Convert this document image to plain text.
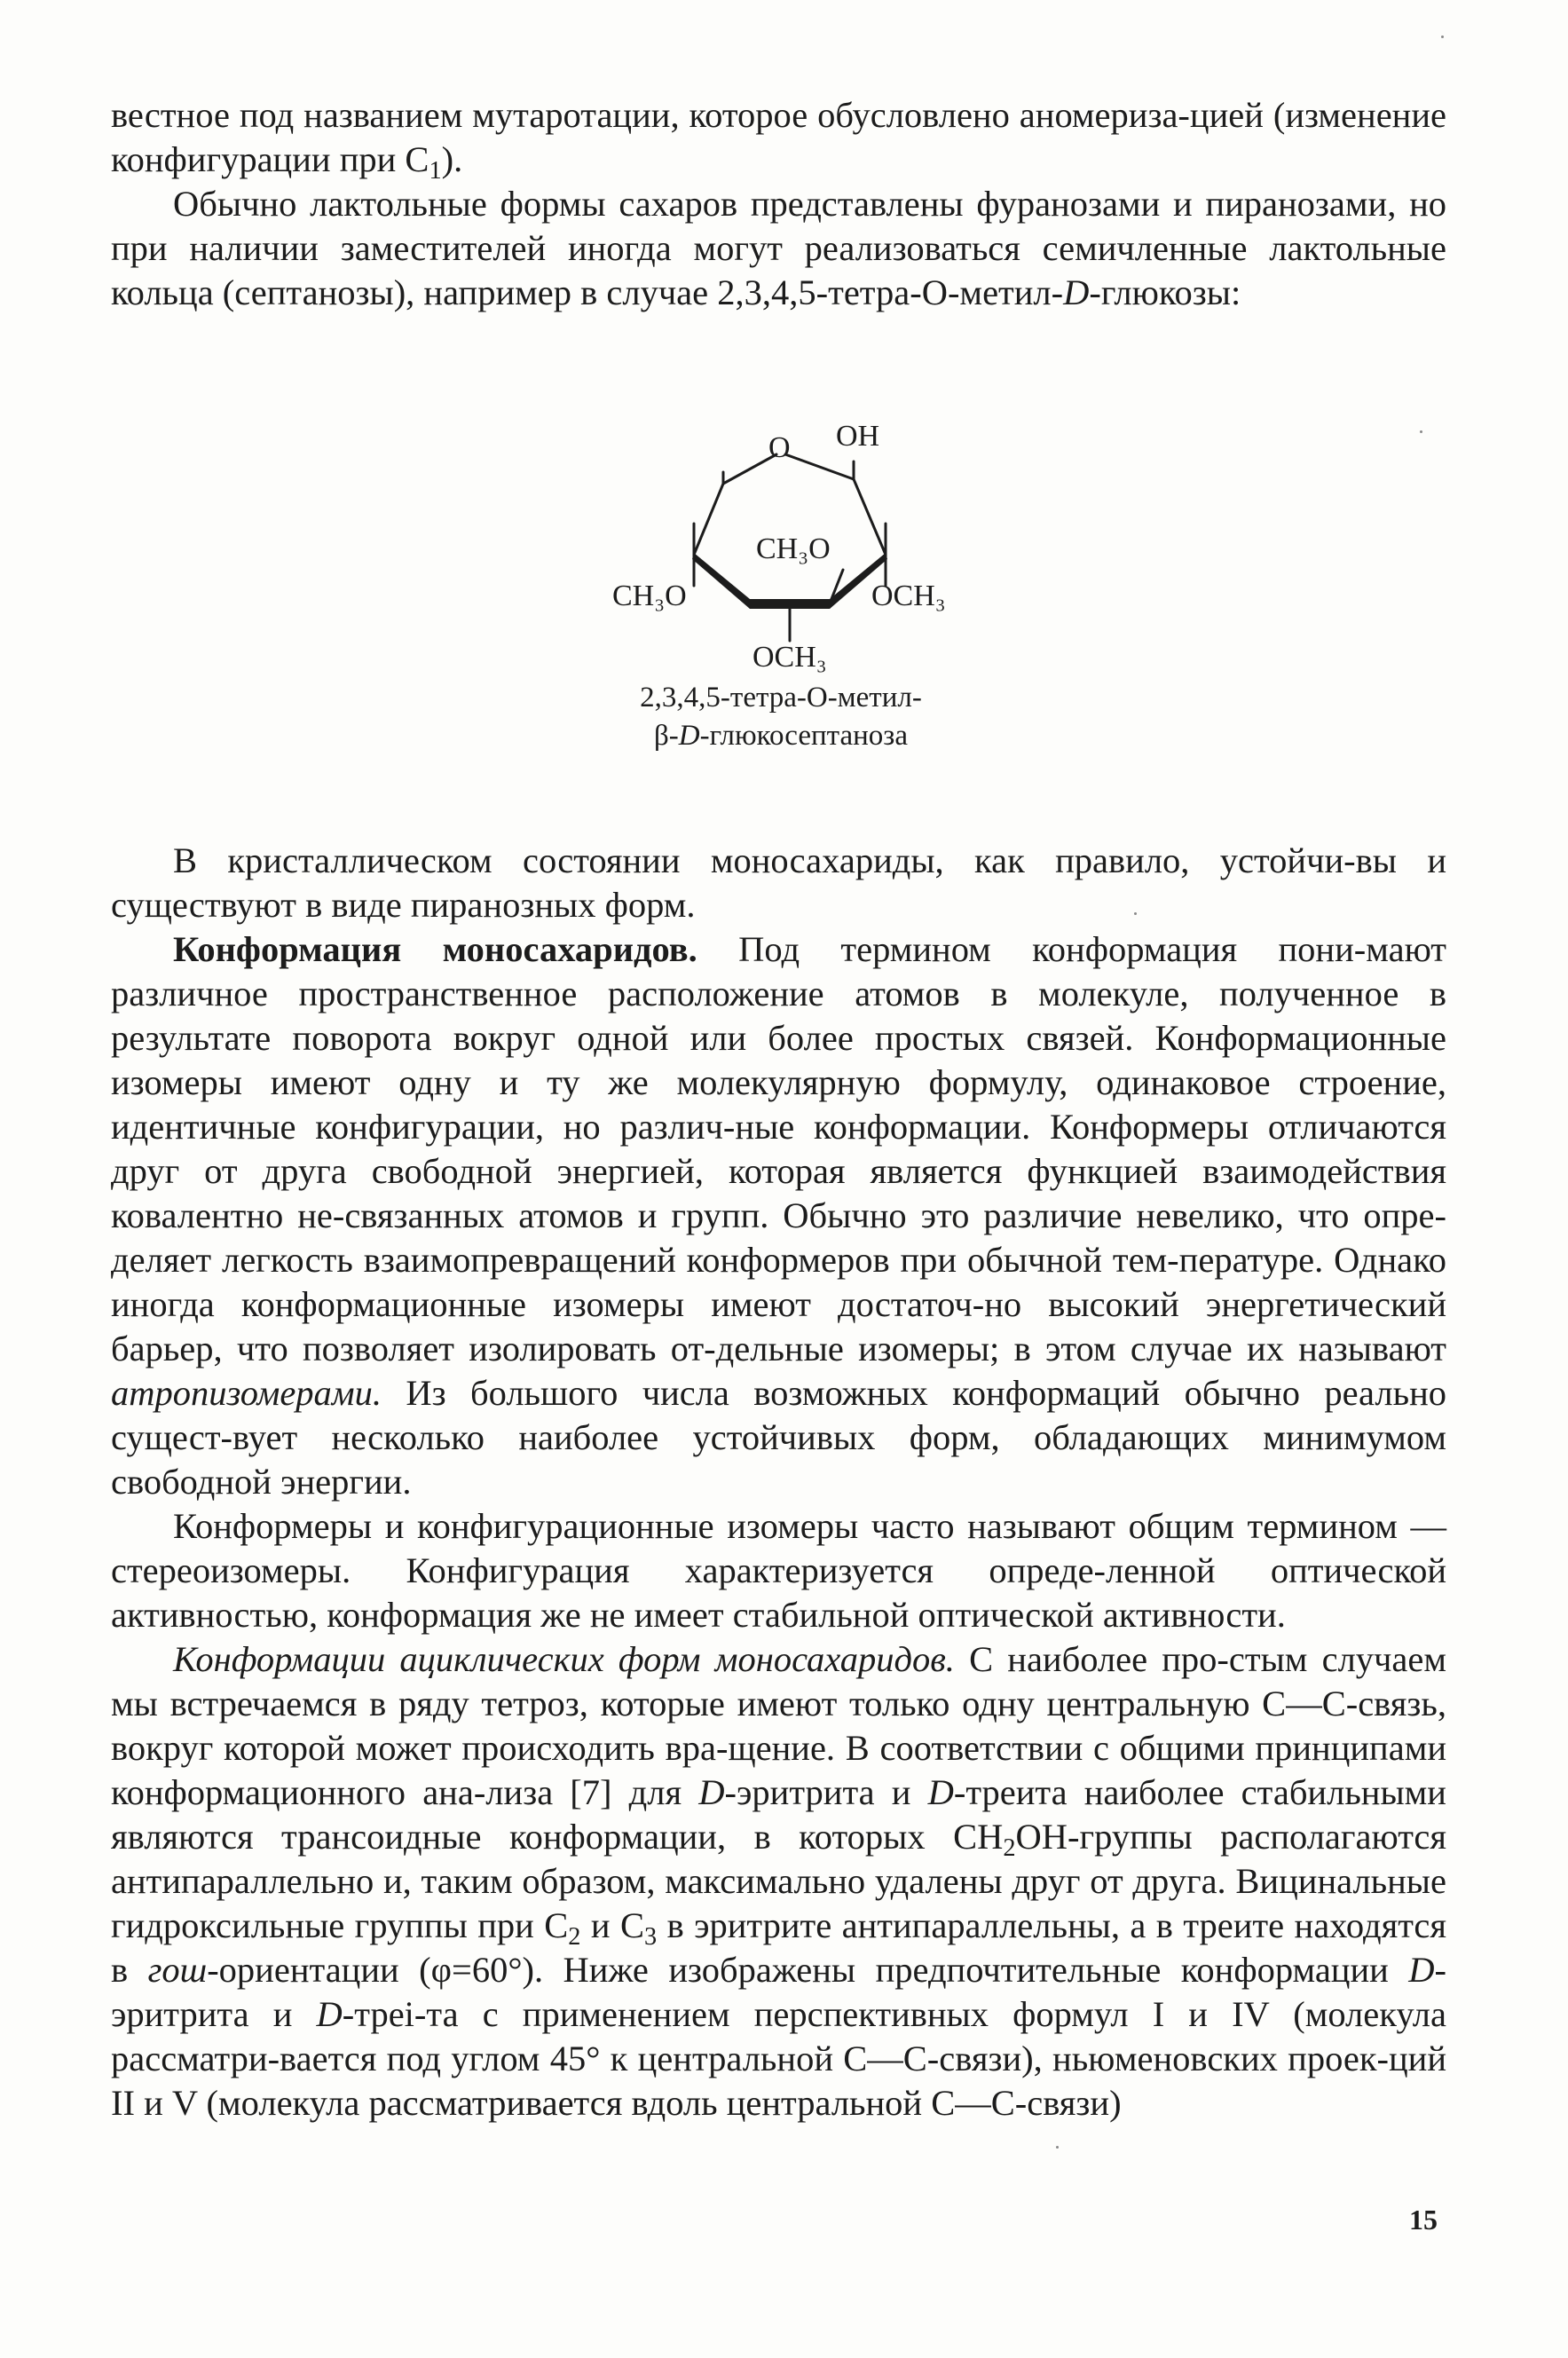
вестное под названием мутаротации, которое обусловлено аномериза-цией (изменение конфигурации при $C_1$).

Обычно лактольные формы сахаров представлены фуранозами и пиранозами, но при наличии заместителей иногда могут реализоваться семичленные лактольные кольца (септанозы), например в случае 2,3,4,5-тетра-O-метил-D-глюкозы:

O OH
CH₃O
CH₃O	OCH₃
OCH₃
2,3,4,5-тетра-O-метил-
β-D-глюкосептаноза

В кристаллическом состоянии моносахариды, как правило, устойчи-вы и существуют в виде пиранозных форм.

Конформация моносахаридов. Под термином конформация пони-мают различное пространственное расположение атомов в молекуле, полученное в результате поворота вокруг одной или более простых связей. Конформационные изомеры имеют одну и ту же молекулярную формулу, одинаковое строение, идентичные конфигурации, но различ-ные конформации. Конформеры отличаются друг от друга свободной энергией, которая является функцией взаимодействия ковалентно не-связанных атомов и групп. Обычно это различие невелико, что опре-деляет легкость взаимопревращений конформеров при обычной тем-пературе. Однако иногда конформационные изомеры имеют достаточ-но высокий энергетический барьер, что позволяет изолировать от-дельные изомеры; в этом случае их называют атропизомерами. Из большого числа возможных конформаций обычно реально сущест-вует несколько наиболее устойчивых форм, обладающих минимумом свободной энергии.

Конформеры и конфигурационные изомеры часто называют общим термином — стереоизомеры. Конфигурация характеризуется опреде-ленной оптической активностью, конформация же не имеет стабильной оптической активности.

Конформации ациклических форм моносахаридов. С наиболее про-стым случаем мы встречаемся в ряду тетроз, которые имеют только одну центральную C—C-связь, вокруг которой может происходить вра-щение. В соответствии с общими принципами конформационного ана-лиза [7] для D-эритрита и D-треита наиболее стабильными являются трансоидные конформации, в которых $CH_2OH$-группы располагаются антипараллельно и, таким образом, максимально удалены друг от друга. Вицинальные гидроксильные группы при $C_2$ и $C_3$ в эритрите антипараллельны, а в треите находятся в гош-ориентации (φ=60°). Ниже изображены предпочтительные конформации D-эритрита и D-трei-та с применением перспективных формул I и IV (молекула рассматри-вается под углом 45° к центральной C—C-связи), ньюменовских проек-ций II и V (молекула рассматривается вдоль центральной C—C-связи)

15
